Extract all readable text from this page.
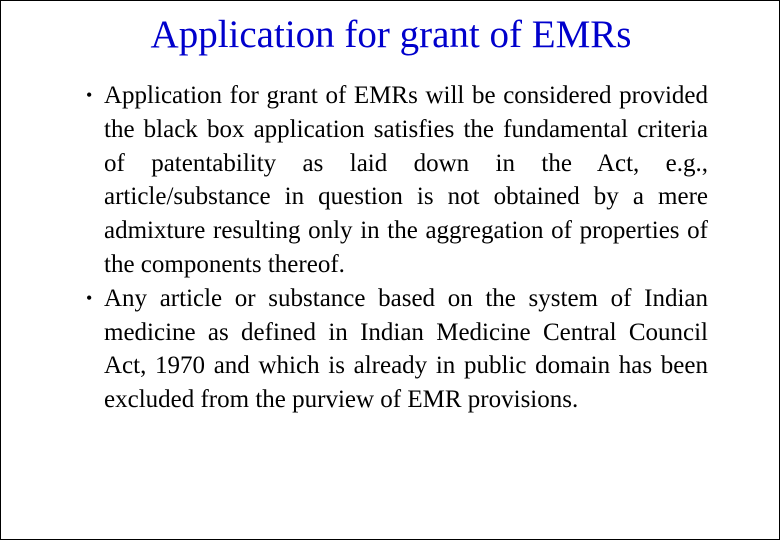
Application for grant of EMRs
• Application for grant of EMRs will be considered provided the black box application satisfies the fundamental criteria of patentability as laid down in the Act, e.g., article/substance in question is not obtained by a mere admixture resulting only in the aggregation of properties of the components thereof.
• Any article or substance based on the system of Indian medicine as defined in Indian Medicine Central Council Act, 1970 and which is already in public domain has been excluded from the purview of EMR provisions.
